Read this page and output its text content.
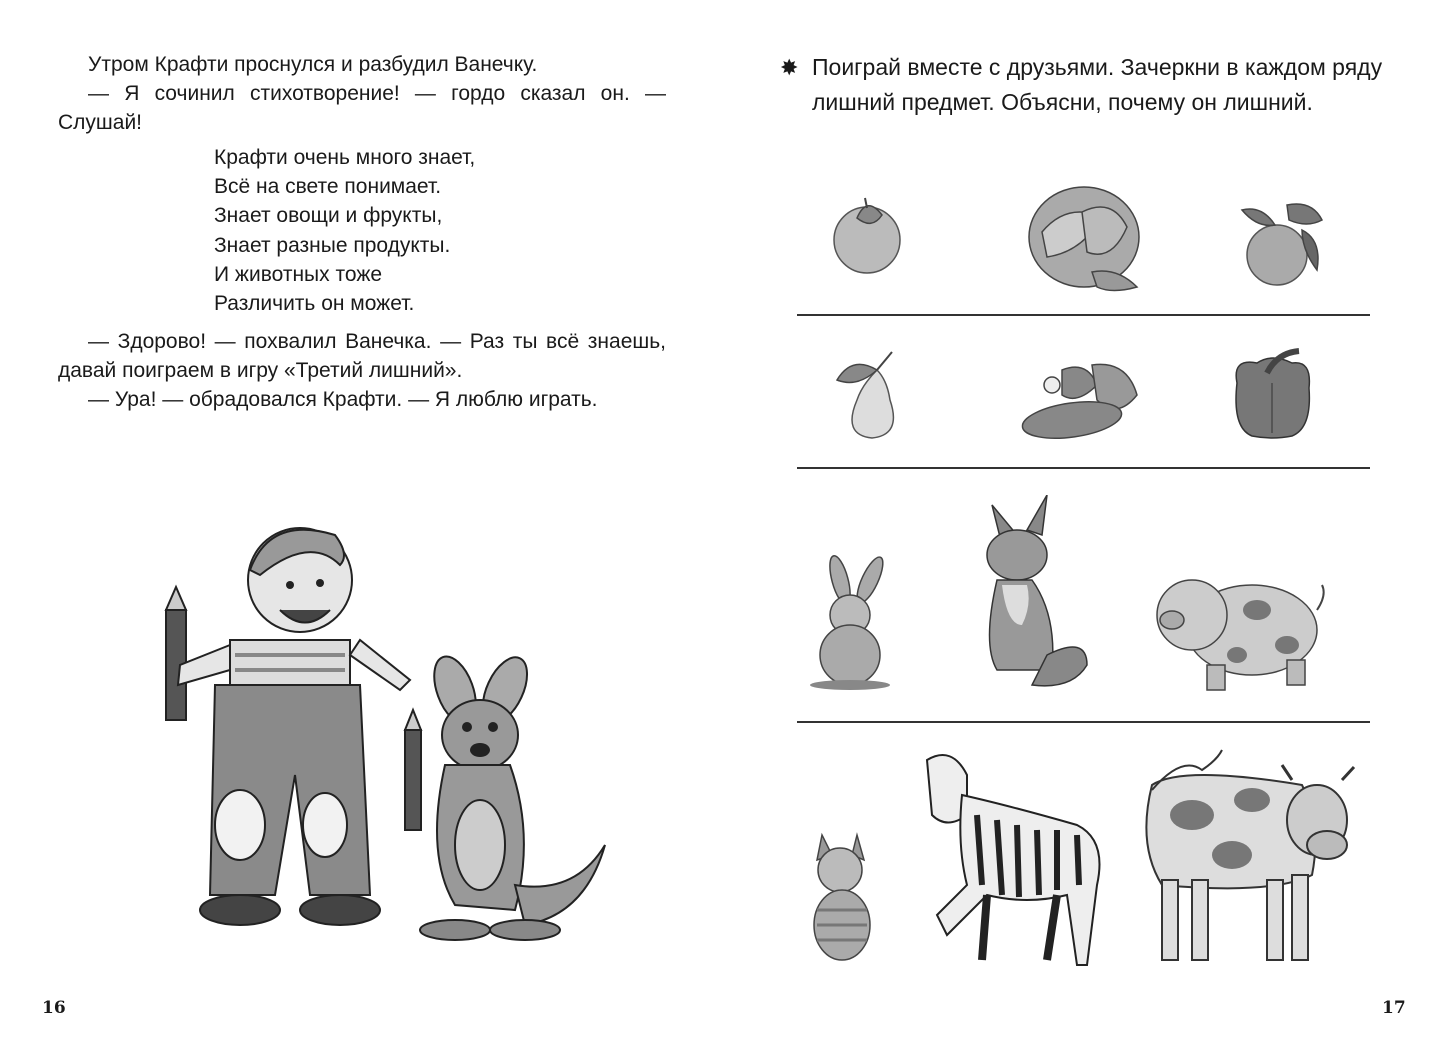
Утром Крафти проснулся и разбудил Ванечку.

— Я сочинил стихотворение! — гордо сказал он. — Слушай!

Крафти очень много знает,
Всё на свете понимает.
Знает овощи и фрукты,
Знает разные продукты.
И животных тоже
Различить он может.

— Здорово! — похвалил Ванечка. — Раз ты всё знаешь, давай поиграем в игру «Третий лишний».

— Ура! — обрадовался Крафти. — Я люблю играть.

16
✸ Поиграй вместе с друзьями. Зачеркни в каждом ряду лишний предмет. Объясни, почему он лишний.
17
